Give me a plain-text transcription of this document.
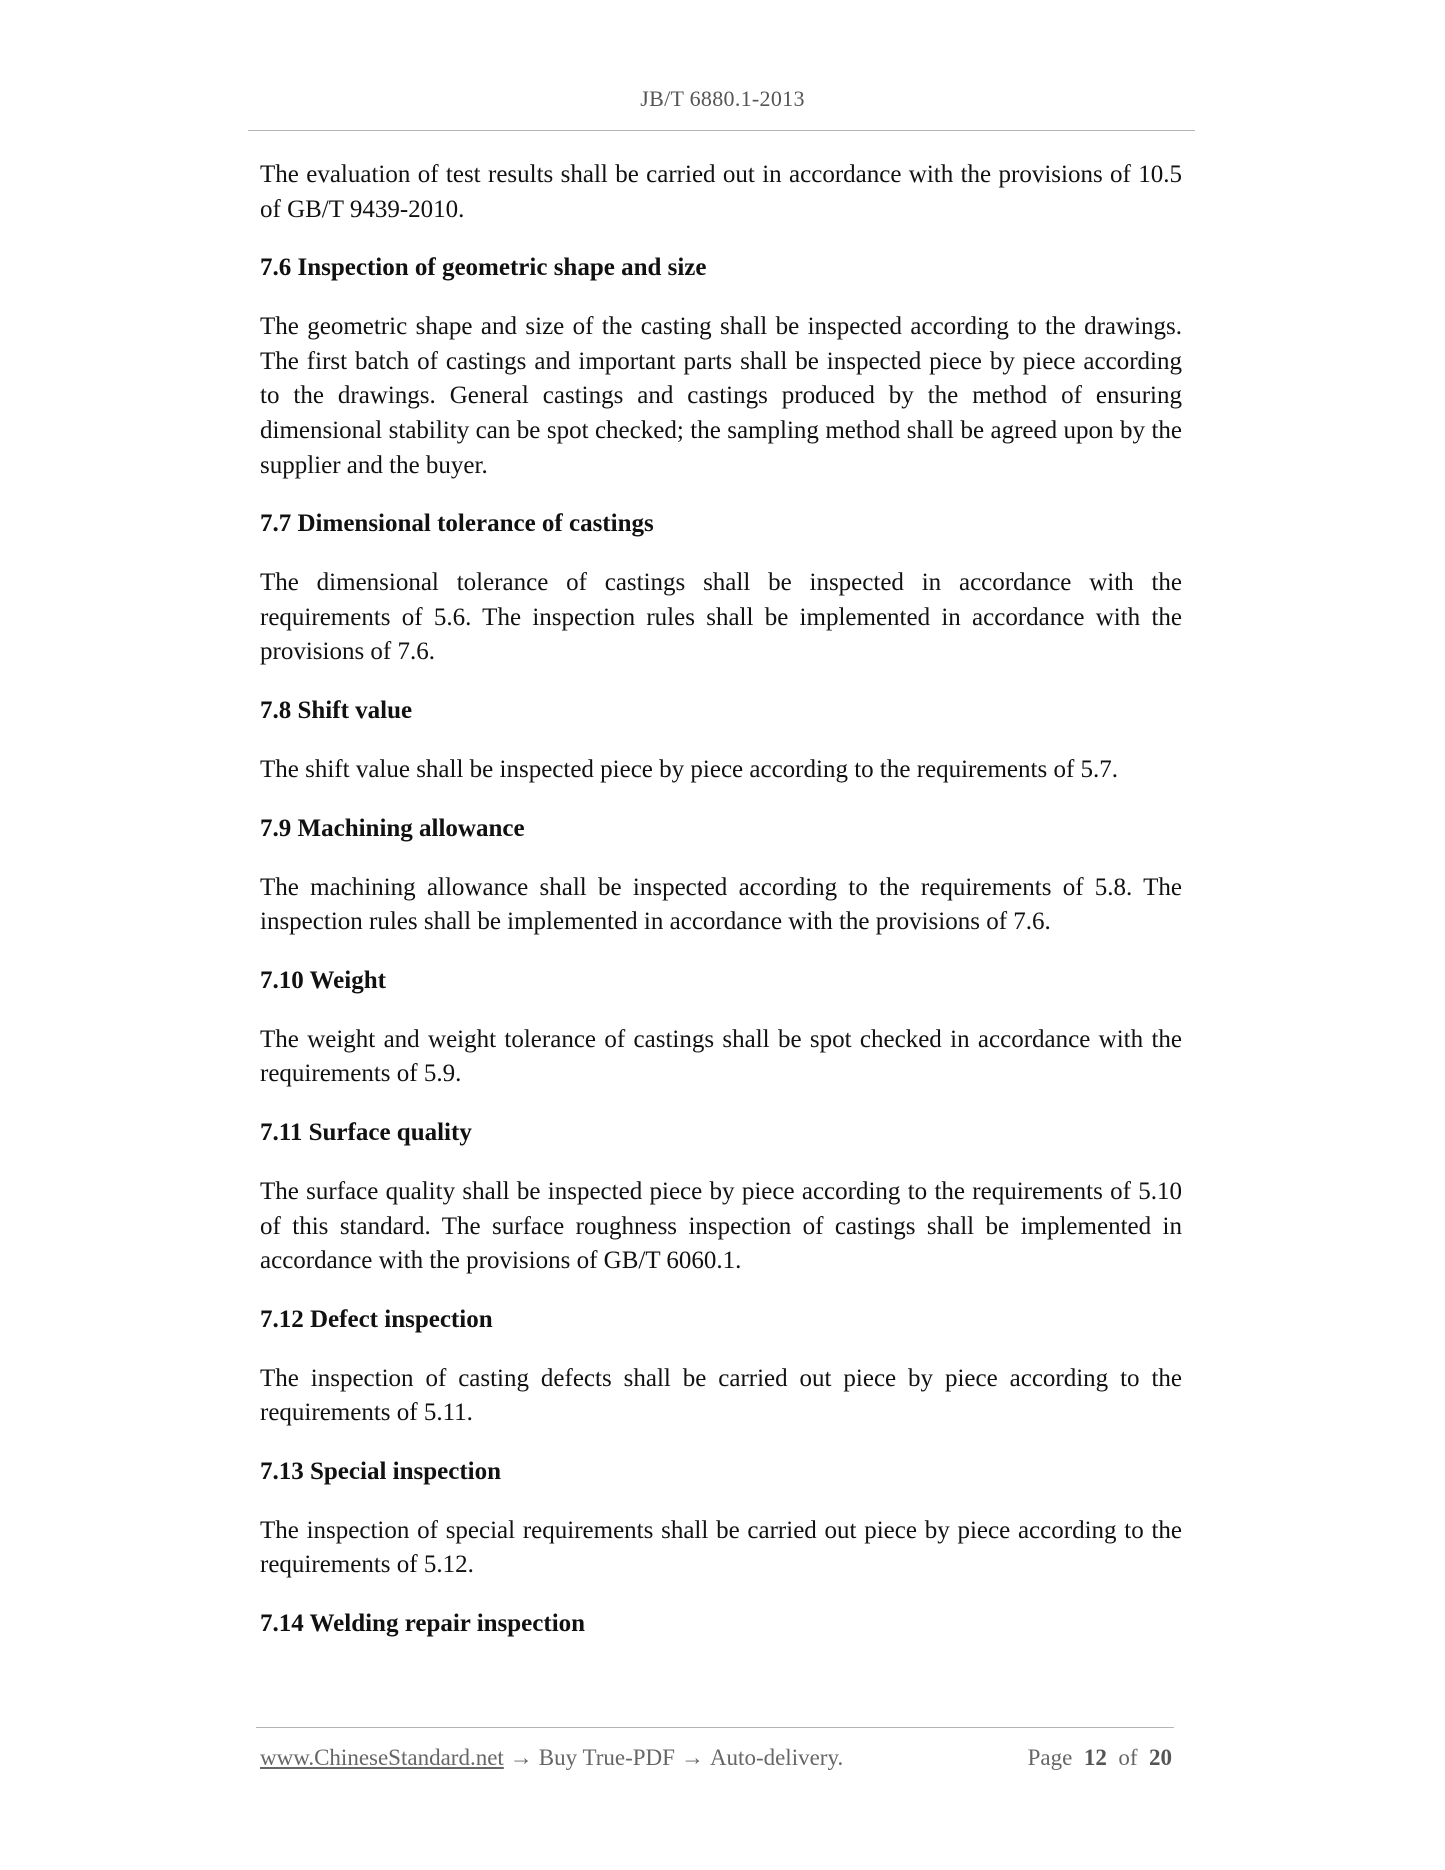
JB/T 6880.1-2013

The evaluation of test results shall be carried out in accordance with the provisions of 10.5 of GB/T 9439-2010.

7.6 Inspection of geometric shape and size

The geometric shape and size of the casting shall be inspected according to the drawings. The first batch of castings and important parts shall be inspected piece by piece according to the drawings. General castings and castings produced by the method of ensuring dimensional stability can be spot checked; the sampling method shall be agreed upon by the supplier and the buyer.

7.7 Dimensional tolerance of castings

The dimensional tolerance of castings shall be inspected in accordance with the requirements of 5.6. The inspection rules shall be implemented in accordance with the provisions of 7.6.

7.8 Shift value

The shift value shall be inspected piece by piece according to the requirements of 5.7.

7.9 Machining allowance

The machining allowance shall be inspected according to the requirements of 5.8. The inspection rules shall be implemented in accordance with the provisions of 7.6.

7.10 Weight

The weight and weight tolerance of castings shall be spot checked in accordance with the requirements of 5.9.

7.11 Surface quality

The surface quality shall be inspected piece by piece according to the requirements of 5.10 of this standard. The surface roughness inspection of castings shall be implemented in accordance with the provisions of GB/T 6060.1.

7.12 Defect inspection

The inspection of casting defects shall be carried out piece by piece according to the requirements of 5.11.

7.13 Special inspection

The inspection of special requirements shall be carried out piece by piece according to the requirements of 5.12.

7.14 Welding repair inspection
www.ChineseStandard.net → Buy True-PDF → Auto-delivery.	Page 12 of 20
